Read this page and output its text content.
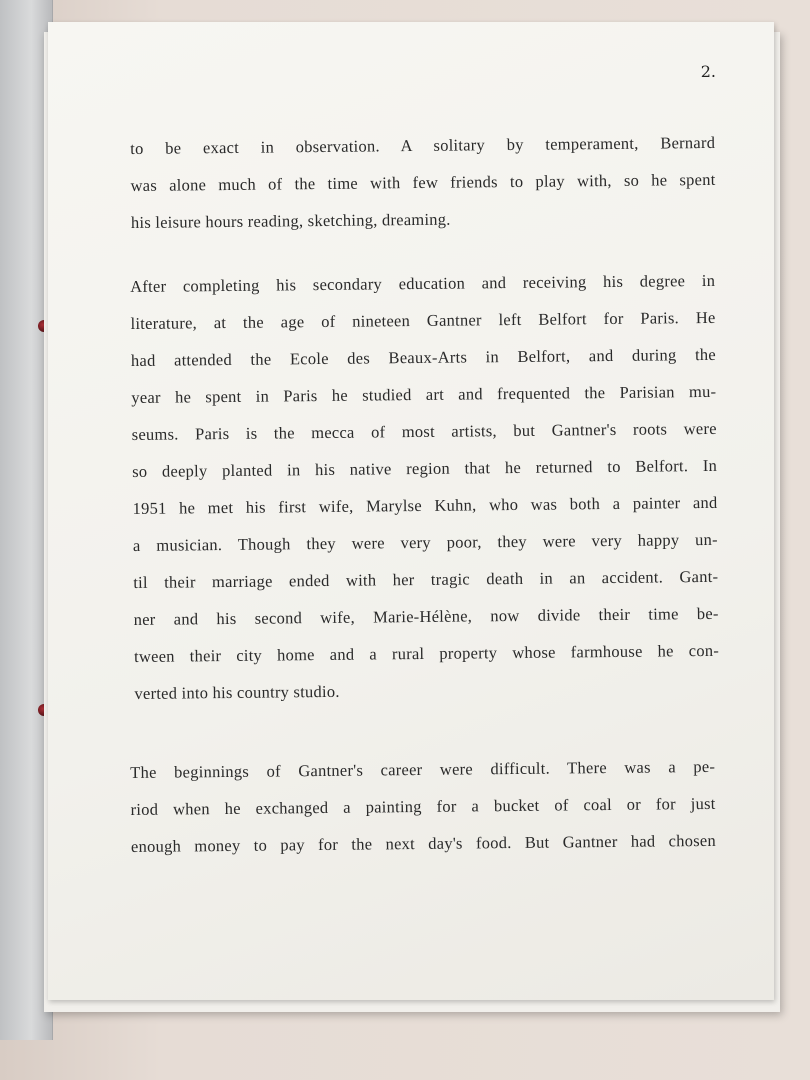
2.
to be exact in observation. A solitary by temperament, Bernard
was alone much of the time with few friends to play with, so he spent
his leisure hours reading, sketching, dreaming.
After completing his secondary education and receiving his degree in
literature, at the age of nineteen Gantner left Belfort for Paris. He
had attended the Ecole des Beaux-Arts in Belfort, and during the
year he spent in Paris he studied art and frequented the Parisian mu-
seums. Paris is the mecca of most artists, but Gantner's roots were
so deeply planted in his native region that he returned to Belfort. In
1951 he met his first wife, Marylse Kuhn, who was both a painter and
a musician. Though they were very poor, they were very happy un-
til their marriage ended with her tragic death in an accident. Gant-
ner and his second wife, Marie-Hélène, now divide their time be-
tween their city home and a rural property whose farmhouse he con-
verted into his country studio.
The beginnings of Gantner's career were difficult. There was a pe-
riod when he exchanged a painting for a bucket of coal or for just
enough money to pay for the next day's food. But Gantner had chosen
